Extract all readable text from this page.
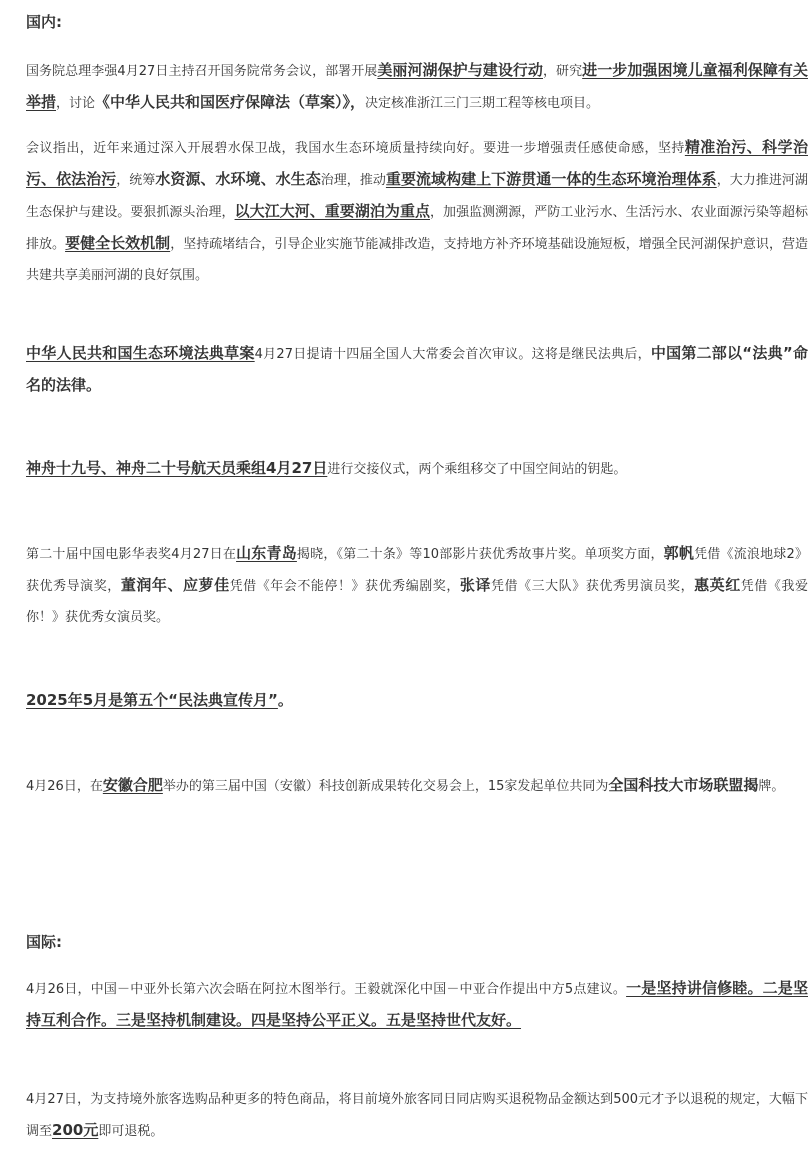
国内:

国务院总理李强4月27日主持召开国务院常务会议，部署开展美丽河湖保护与建设行动，研究进一步加强困境儿童福利保障有关举措，讨论《中华人民共和国医疗保障法（草案）》，决定核准浙江三门三期工程等核电项目。

会议指出，近年来通过深入开展碧水保卫战，我国水生态环境质量持续向好。要进一步增强责任感使命感，坚持精准治污、科学治污、依法治污，统筹水资源、水环境、水生态治理，推动重要流域构建上下游贯通一体的生态环境治理体系，大力推进河湖生态保护与建设。要狠抓源头治理，以大江大河、重要湖泊为重点，加强监测溯源，严防工业污水、生活污水、农业面源污染等超标排放。要健全长效机制，坚持疏堵结合，引导企业实施节能减排改造，支持地方补齐环境基础设施短板，增强全民河湖保护意识，营造共建共享美丽河湖的良好氛围。

中华人民共和国生态环境法典草案4月27日提请十四届全国人大常委会首次审议。这将是继民法典后，中国第二部以“法典”命名的法律。

神舟十九号、神舟二十号航天员乘组4月27日进行交接仪式，两个乘组移交了中国空间站的钥匙。

第二十届中国电影华表奖4月27日在山东青岛揭晓，《第二十条》等10部影片获优秀故事片奖。单项奖方面，郭帆凭借《流浪地球2》获优秀导演奖，董润年、应萝佳凭借《年会不能停！》获优秀编剧奖，张译凭借《三大队》获优秀男演员奖，惠英红凭借《我爱你！》获优秀女演员奖。

2025年5月是第五个“民法典宣传月”。

4月26日，在安徽合肥举办的第三届中国（安徽）科技创新成果转化交易会上，15家发起单位共同为全国科技大市场联盟揭牌。

国际:

4月26日，中国－中亚外长第六次会晤在阿拉木图举行。王毅就深化中国－中亚合作提出中方5点建议。一是坚持讲信修睦。二是坚持互利合作。三是坚持机制建设。四是坚持公平正义。五是坚持世代友好。

4月27日，为支持境外旅客选购品种更多的特色商品，将目前境外旅客同日同店购买退税物品金额达到500元才予以退税的规定，大幅下调至200元即可退税。
